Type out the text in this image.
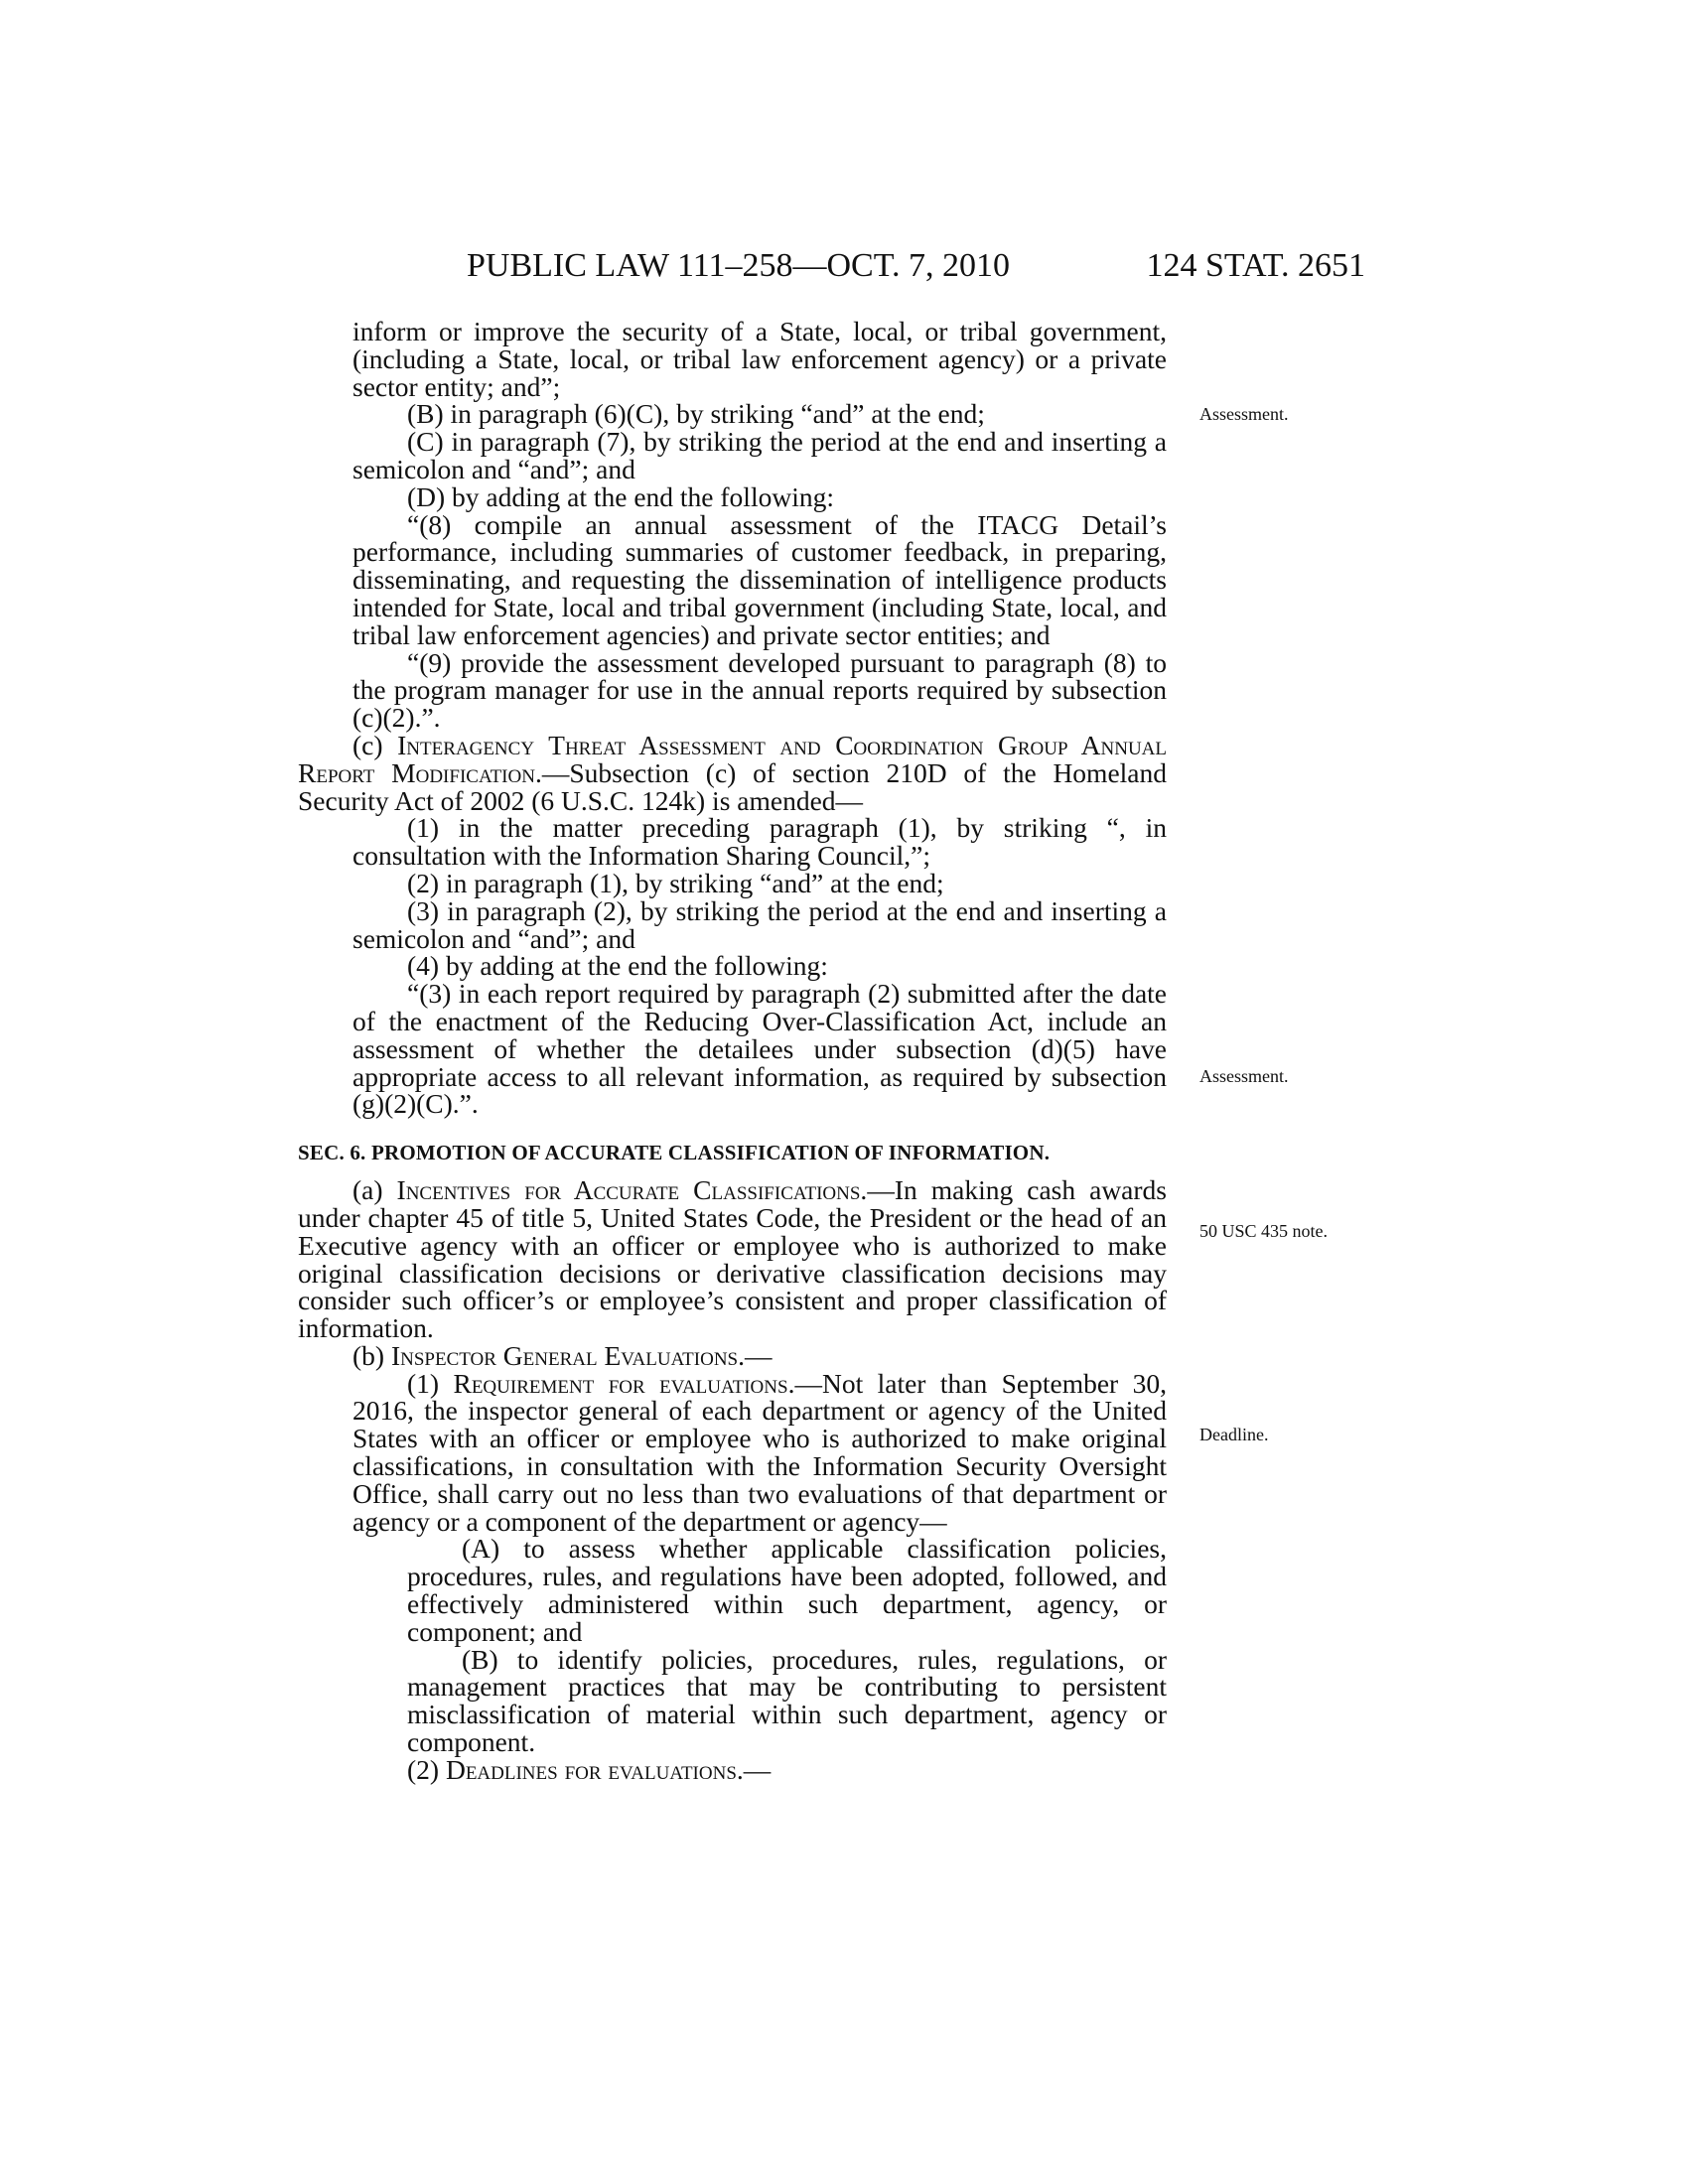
PUBLIC LAW 111–258—OCT. 7, 2010	124 STAT. 2651
Assessment.
Assessment.
50 USC 435 note.
Deadline.

inform or improve the security of a State, local, or tribal government, (including a State, local, or tribal law enforcement agency) or a private sector entity; and”;

(B) in paragraph (6)(C), by striking “and” at the end;

(C) in paragraph (7), by striking the period at the end and inserting a semicolon and “and”; and

(D) by adding at the end the following:

“(8) compile an annual assessment of the ITACG Detail’s performance, including summaries of customer feedback, in preparing, disseminating, and requesting the dissemination of intelligence products intended for State, local and tribal government (including State, local, and tribal law enforcement agencies) and private sector entities; and

“(9) provide the assessment developed pursuant to paragraph (8) to the program manager for use in the annual reports required by subsection (c)(2).”.

(c) Interagency Threat Assessment and Coordination Group Annual Report Modification.—Subsection (c) of section 210D of the Homeland Security Act of 2002 (6 U.S.C. 124k) is amended—

(1) in the matter preceding paragraph (1), by striking “, in consultation with the Information Sharing Council,”;

(2) in paragraph (1), by striking “and” at the end;

(3) in paragraph (2), by striking the period at the end and inserting a semicolon and “and”; and

(4) by adding at the end the following:

“(3) in each report required by paragraph (2) submitted after the date of the enactment of the Reducing Over-Classification Act, include an assessment of whether the detailees under subsection (d)(5) have appropriate access to all relevant information, as required by subsection (g)(2)(C).”.

SEC. 6. PROMOTION OF ACCURATE CLASSIFICATION OF INFORMATION.

(a) Incentives for Accurate Classifications.—In making cash awards under chapter 45 of title 5, United States Code, the President or the head of an Executive agency with an officer or employee who is authorized to make original classification decisions or derivative classification decisions may consider such officer’s or employee’s consistent and proper classification of information.

(b) Inspector General Evaluations.—

(1) Requirement for evaluations.—Not later than September 30, 2016, the inspector general of each department or agency of the United States with an officer or employee who is authorized to make original classifications, in consultation with the Information Security Oversight Office, shall carry out no less than two evaluations of that department or agency or a component of the department or agency—

(A) to assess whether applicable classification policies, procedures, rules, and regulations have been adopted, followed, and effectively administered within such department, agency, or component; and

(B) to identify policies, procedures, rules, regulations, or management practices that may be contributing to persistent misclassification of material within such department, agency or component.

(2) Deadlines for evaluations.—
